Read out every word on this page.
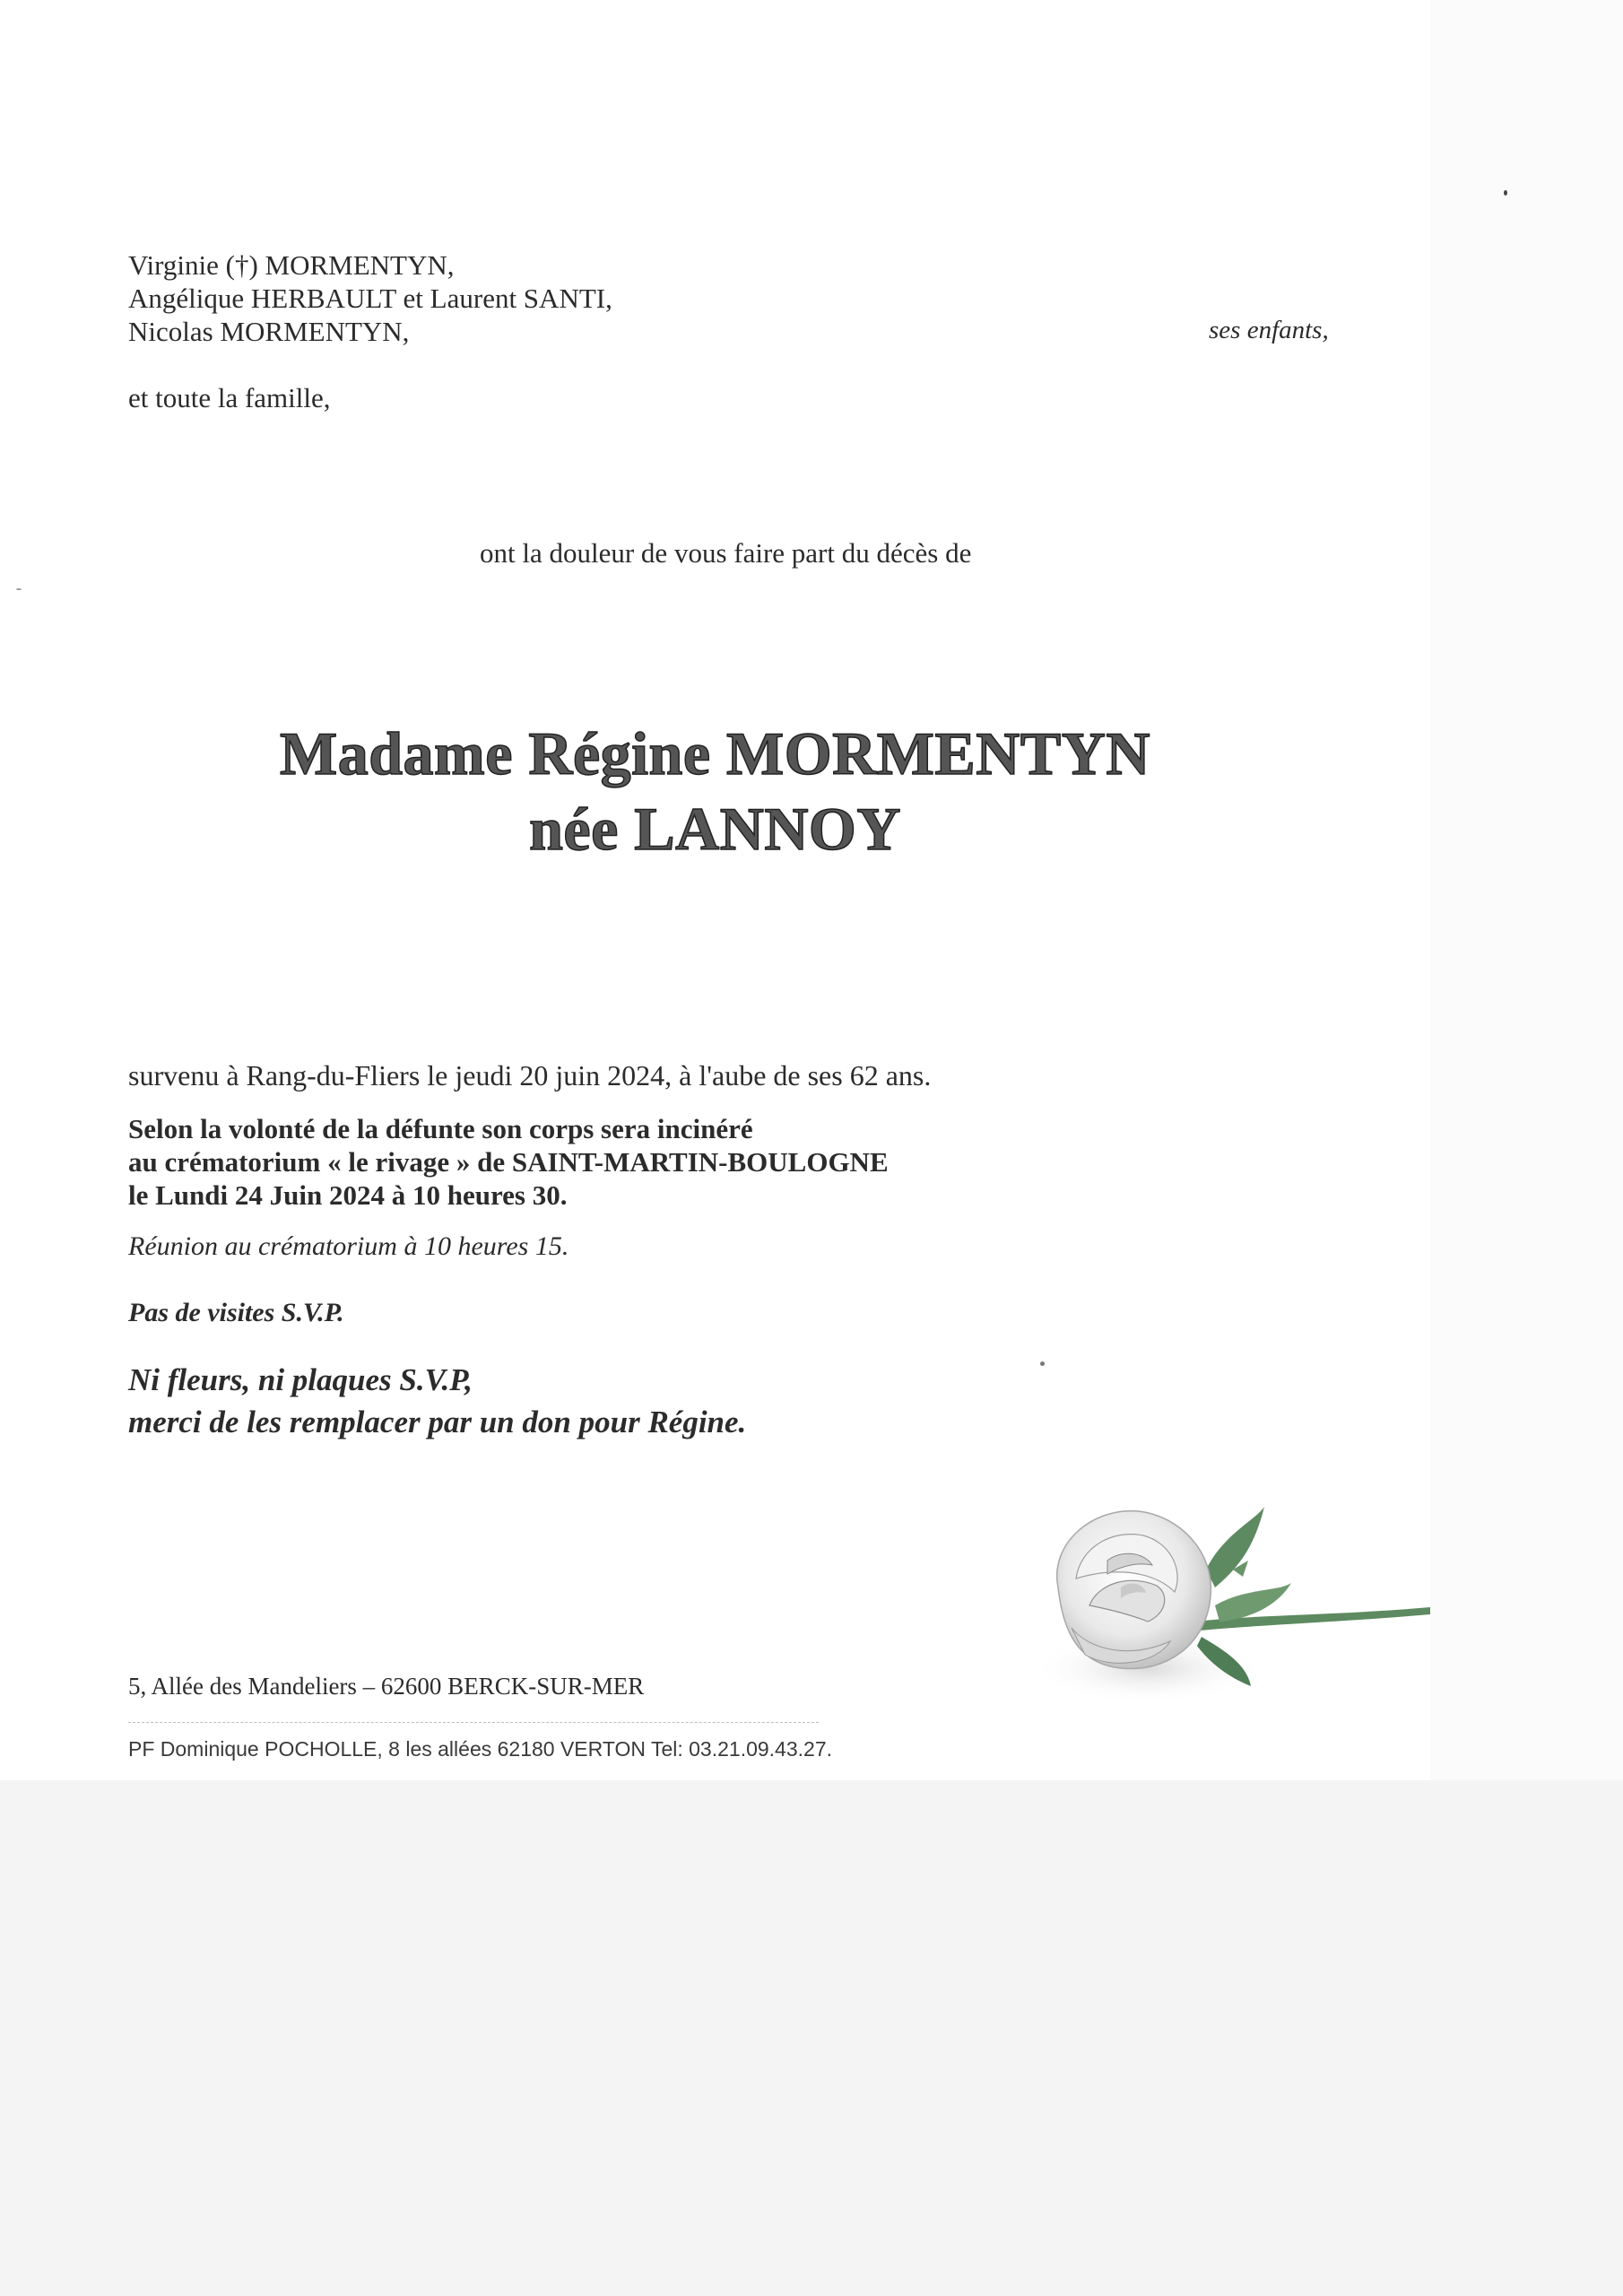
Virginie (†) MORMENTYN,
Angélique HERBAULT et Laurent SANTI,
Nicolas MORMENTYN,	ses enfants,
et toute la famille,
ont la douleur de vous faire part du décès de
Madame Régine MORMENTYN
née LANNOY
survenu à Rang-du-Fliers le jeudi 20 juin 2024, à l'aube de ses 62 ans.
Selon la volonté de la défunte son corps sera incinéré
au crématorium « le rivage » de SAINT-MARTIN-BOULOGNE
le Lundi 24 Juin 2024 à 10 heures 30.
Réunion au crématorium à 10 heures 15.
Pas de visites S.V.P.
Ni fleurs, ni plaques S.V.P,
merci de les remplacer par un don pour Régine.
5, Allée des Mandeliers – 62600 BERCK-SUR-MER
PF Dominique POCHOLLE, 8 les allées 62180 VERTON Tel: 03.21.09.43.27.
